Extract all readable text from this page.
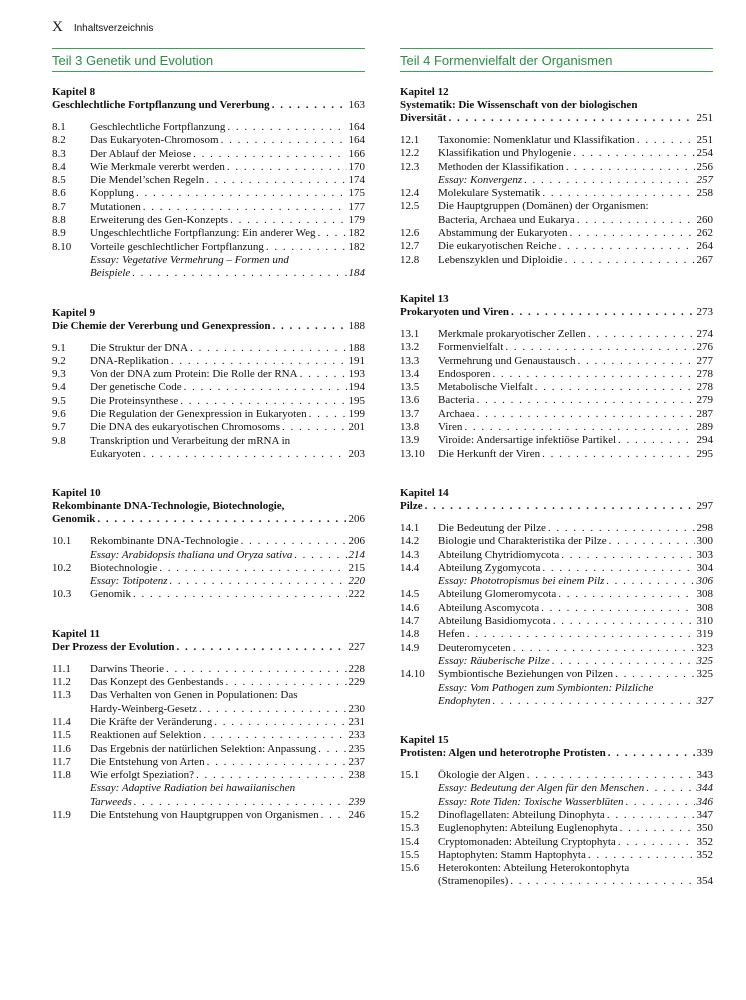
X Inhaltsverzeichnis
Teil 3 Genetik und Evolution
Kapitel 8
Geschlechtliche Fortpflanzung und Vererbung . . .	163
8.1	Geschlechtliche Fortpflanzung . . .	164
8.2	Das Eukaryoten-Chromosom . . .	164
8.3	Der Ablauf der Meiose . . .	166
8.4	Wie Merkmale vererbt werden . . .	170
8.5	Die Mendel’schen Regeln . . .	174
8.6	Kopplung . . .	175
8.7	Mutationen . . .	177
8.8	Erweiterung des Gen-Konzepts . . .	179
8.9	Ungeschlechtliche Fortpflanzung: Ein anderer Weg . . .	182
8.10	Vorteile geschlechtlicher Fortpflanzung . . .	182
Essay: Vegetative Vermehrung – Formen und
Beispiele . . .	184
Kapitel 9
Die Chemie der Vererbung und Genexpression . . .	188
9.1	Die Struktur der DNA . . .	188
9.2	DNA-Replikation . . .	191
9.3	Von der DNA zum Protein: Die Rolle der RNA . . .	193
9.4	Der genetische Code . . .	194
9.5	Die Proteinsynthese . . .	195
9.6	Die Regulation der Genexpression in Eukaryoten . . .	199
9.7	Die DNA des eukaryotischen Chromosoms . . .	201
9.8	Transkription und Verarbeitung der mRNA in
Eukaryoten . . .	203
Kapitel 10
Rekombinante DNA-Technologie, Biotechnologie,
Genomik . . .	206
10.1	Rekombinante DNA-Technologie . . .	206
Essay: Arabidopsis thaliana und Oryza sativa . . .	214
10.2	Biotechnologie . . .	215
Essay: Totipotenz . . .	220
10.3	Genomik . . .	222
Kapitel 11
Der Prozess der Evolution . . .	227
11.1	Darwins Theorie . . .	228
11.2	Das Konzept des Genbestands . . .	229
11.3	Das Verhalten von Genen in Populationen: Das
Hardy-Weinberg-Gesetz . . .	230
11.4	Die Kräfte der Veränderung . . .	231
11.5	Reaktionen auf Selektion . . .	233
11.6	Das Ergebnis der natürlichen Selektion: Anpassung . . .	235
11.7	Die Entstehung von Arten . . .	237
11.8	Wie erfolgt Speziation? . . .	238
Essay: Adaptive Radiation bei hawaiianischen
Tarweeds . . .	239
11.9	Die Entstehung von Hauptgruppen von Organismen . . .	246
Teil 4 Formenvielfalt der Organismen
Kapitel 12
Systematik: Die Wissenschaft von der biologischen
Diversität . . .	251
12.1	Taxonomie: Nomenklatur und Klassifikation . . .	251
12.2	Klassifikation und Phylogenie . . .	254
12.3	Methoden der Klassifikation . . .	256
Essay: Konvergenz . . .	257
12.4	Molekulare Systematik . . .	258
12.5	Die Hauptgruppen (Domänen) der Organismen:
Bacteria, Archaea und Eukarya . . .	260
12.6	Abstammung der Eukaryoten . . .	262
12.7	Die eukaryotischen Reiche . . .	264
12.8	Lebenszyklen und Diploidie . . .	267
Kapitel 13
Prokaryoten und Viren . . .	273
13.1	Merkmale prokaryotischer Zellen . . .	274
13.2	Formenvielfalt . . .	276
13.3	Vermehrung und Genaustausch . . .	277
13.4	Endosporen . . .	278
13.5	Metabolische Vielfalt . . .	278
13.6	Bacteria . . .	279
13.7	Archaea . . .	287
13.8	Viren . . .	289
13.9	Viroide: Andersartige infektiöse Partikel . . .	294
13.10	Die Herkunft der Viren . . .	295
Kapitel 14
Pilze . . .	297
14.1	Die Bedeutung der Pilze . . .	298
14.2	Biologie und Charakteristika der Pilze . . .	300
14.3	Abteilung Chytridiomycota . . .	303
14.4	Abteilung Zygomycota . . .	304
Essay: Phototropismus bei einem Pilz . . .	306
14.5	Abteilung Glomeromycota . . .	308
14.6	Abteilung Ascomycota . . .	308
14.7	Abteilung Basidiomycota . . .	310
14.8	Hefen . . .	319
14.9	Deuteromyceten . . .	323
Essay: Räuberische Pilze . . .	325
14.10	Symbiontische Beziehungen von Pilzen . . .	325
Essay: Vom Pathogen zum Symbionten: Pilzliche
Endophyten . . .	327
Kapitel 15
Protisten: Algen und heterotrophe Protisten . . .	339
15.1	Ökologie der Algen . . .	343
Essay: Bedeutung der Algen für den Menschen . . .	344
Essay: Rote Tiden: Toxische Wasserblüten . . .	346
15.2	Dinoflagellaten: Abteilung Dinophyta . . .	347
15.3	Euglenophyten: Abteilung Euglenophyta . . .	350
15.4	Cryptomonaden: Abteilung Cryptophyta . . .	352
15.5	Haptophyten: Stamm Haptophyta . . .	352
15.6	Heterokonten: Abteilung Heterokontophyta
(Stramenopiles) . . .	354
